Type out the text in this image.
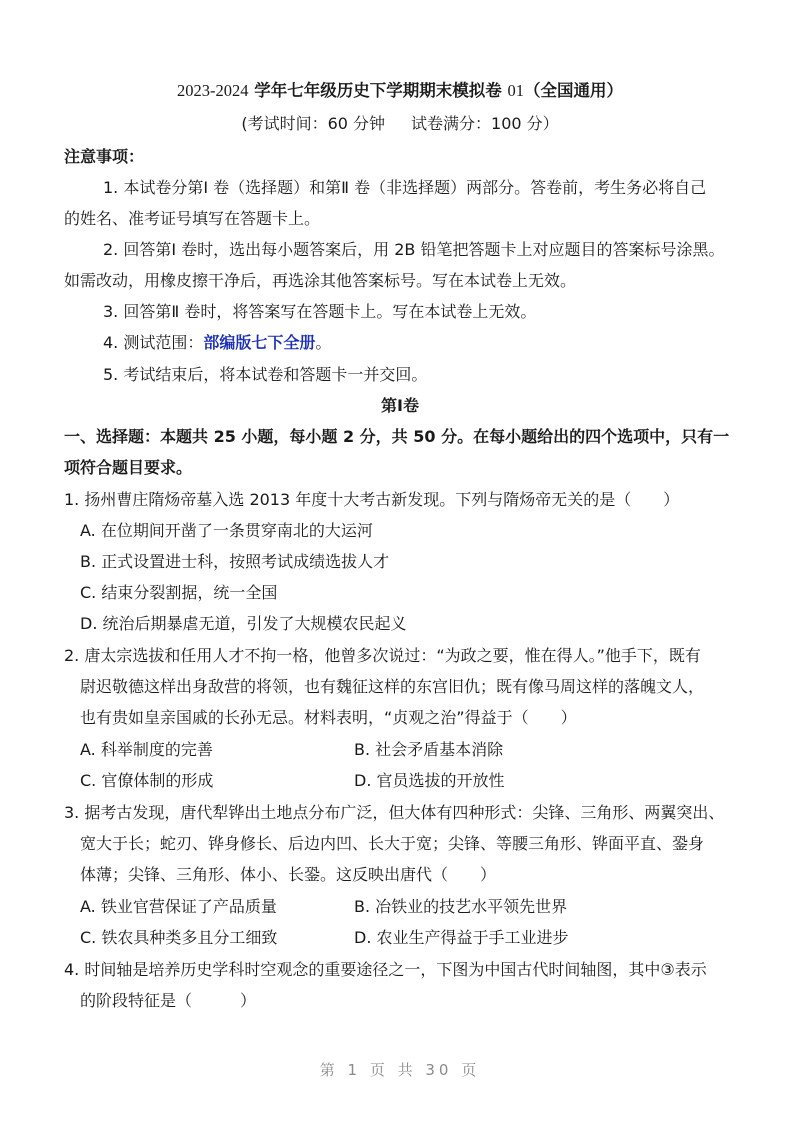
2023-2024 学年七年级历史下学期期末模拟卷 01（全国通用）
(考试时间：60 分钟 试卷满分：100 分）
注意事项：
1. 本试卷分第Ⅰ 卷（选择题）和第Ⅱ 卷（非选择题）两部分。答卷前，考生务必将自己
的姓名、准考证号填写在答题卡上。
2. 回答第Ⅰ 卷时，选出每小题答案后，用 2B 铅笔把答题卡上对应题目的答案标号涂黑。
如需改动，用橡皮擦干净后，再选涂其他答案标号。写在本试卷上无效。
3. 回答第Ⅱ 卷时，将答案写在答题卡上。写在本试卷上无效。
4. 测试范围：部编版七下全册。
5. 考试结束后，将本试卷和答题卡一并交回。
第Ⅰ卷
一、选择题：本题共 25 小题，每小题 2 分，共 50 分。在每小题给出的四个选项中，只有一
项符合题目要求。
1. 扬州曹庄隋炀帝墓入选 2013 年度十大考古新发现。下列与隋炀帝无关的是（　　）
A. 在位期间开凿了一条贯穿南北的大运河
B. 正式设置进士科，按照考试成绩选拔人才
C. 结束分裂割据，统一全国
D. 统治后期暴虐无道，引发了大规模农民起义
2. 唐太宗选拔和任用人才不拘一格，他曾多次说过：“为政之要，惟在得人。”他手下，既有
尉迟敬德这样出身敌营的将领，也有魏征这样的东宫旧仇；既有像马周这样的落魄文人，
也有贵如皇亲国戚的长孙无忌。材料表明，“贞观之治”得益于（　　）
A. 科举制度的完善	B. 社会矛盾基本消除
C. 官僚体制的形成	D. 官员选拔的开放性
3. 据考古发现，唐代犁铧出土地点分布广泛，但大体有四种形式：尖锋、三角形、两翼突出、
宽大于长；蛇刃、铧身修长、后边内凹、长大于宽；尖锋、等腰三角形、铧面平直、銎身
体薄；尖锋、三角形、体小、长銎。这反映出唐代（　　）
A. 铁业官营保证了产品质量	B. 冶铁业的技艺水平领先世界
C. 铁农具种类多且分工细致	D. 农业生产得益于手工业进步
4. 时间轴是培养历史学科时空观念的重要途径之一，下图为中国古代时间轴图，其中③表示
的阶段特征是（　　　）
第 1 页 共 30 页
